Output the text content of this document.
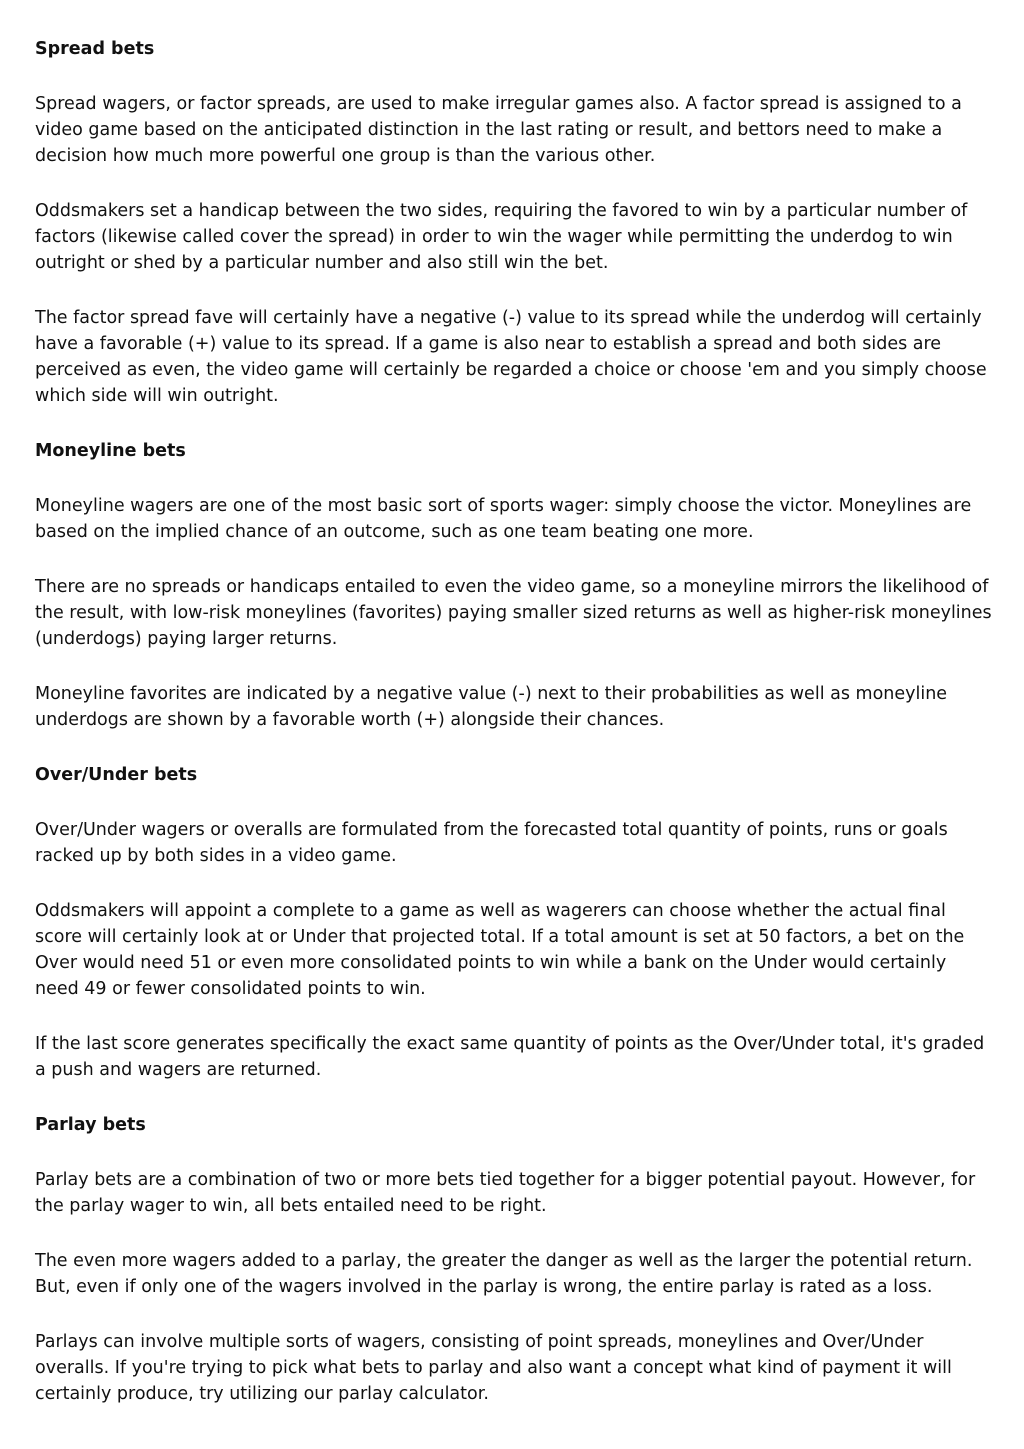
Spread bets

Spread wagers, or factor spreads, are used to make irregular games also. A factor spread is assigned to a video game based on the anticipated distinction in the last rating or result, and bettors need to make a decision how much more powerful one group is than the various other.

Oddsmakers set a handicap between the two sides, requiring the favored to win by a particular number of factors (likewise called cover the spread) in order to win the wager while permitting the underdog to win outright or shed by a particular number and also still win the bet.

The factor spread fave will certainly have a negative (-) value to its spread while the underdog will certainly have a favorable (+) value to its spread. If a game is also near to establish a spread and both sides are perceived as even, the video game will certainly be regarded a choice or choose 'em and you simply choose which side will win outright.

Moneyline bets

Moneyline wagers are one of the most basic sort of sports wager: simply choose the victor. Moneylines are based on the implied chance of an outcome, such as one team beating one more.

There are no spreads or handicaps entailed to even the video game, so a moneyline mirrors the likelihood of the result, with low-risk moneylines (favorites) paying smaller sized returns as well as higher-risk moneylines (underdogs) paying larger returns.

Moneyline favorites are indicated by a negative value (-) next to their probabilities as well as moneyline underdogs are shown by a favorable worth (+) alongside their chances.

Over/Under bets

Over/Under wagers or overalls are formulated from the forecasted total quantity of points, runs or goals racked up by both sides in a video game.

Oddsmakers will appoint a complete to a game as well as wagerers can choose whether the actual final score will certainly look at or Under that projected total. If a total amount is set at 50 factors, a bet on the Over would need 51 or even more consolidated points to win while a bank on the Under would certainly need 49 or fewer consolidated points to win.

If the last score generates specifically the exact same quantity of points as the Over/Under total, it's graded a push and wagers are returned.

Parlay bets

Parlay bets are a combination of two or more bets tied together for a bigger potential payout. However, for the parlay wager to win, all bets entailed need to be right.

The even more wagers added to a parlay, the greater the danger as well as the larger the potential return. But, even if only one of the wagers involved in the parlay is wrong, the entire parlay is rated as a loss.

Parlays can involve multiple sorts of wagers, consisting of point spreads, moneylines and Over/Under overalls. If you're trying to pick what bets to parlay and also want a concept what kind of payment it will certainly produce, try utilizing our parlay calculator.
